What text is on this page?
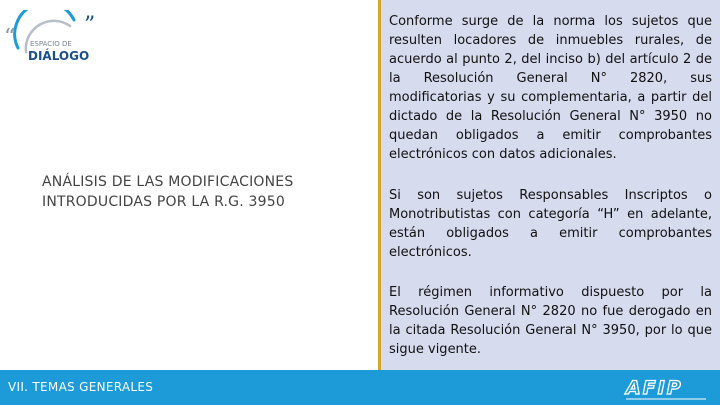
“	”
ESPACIO DE
DIÁLOGO
ANÁLISIS DE LAS MODIFICACIONES INTRODUCIDAS POR LA R.G. 3950
Conforme surge de la norma los sujetos que resulten locadores de inmuebles rurales, de acuerdo al punto 2, del inciso b) del artículo 2 de la Resolución General N° 2820, sus modificatorias y su complementaria, a partir del dictado de la Resolución General N° 3950 no quedan obligados a emitir comprobantes electrónicos con datos adicionales.
Si son sujetos Responsables Inscriptos o Monotributistas con categoría “H” en adelante, están obligados a emitir comprobantes electrónicos.
El régimen informativo dispuesto por la Resolución General N° 2820 no fue derogado en la citada Resolución General N° 3950, por lo que sigue vigente.
VII. TEMAS GENERALES	AFIP
